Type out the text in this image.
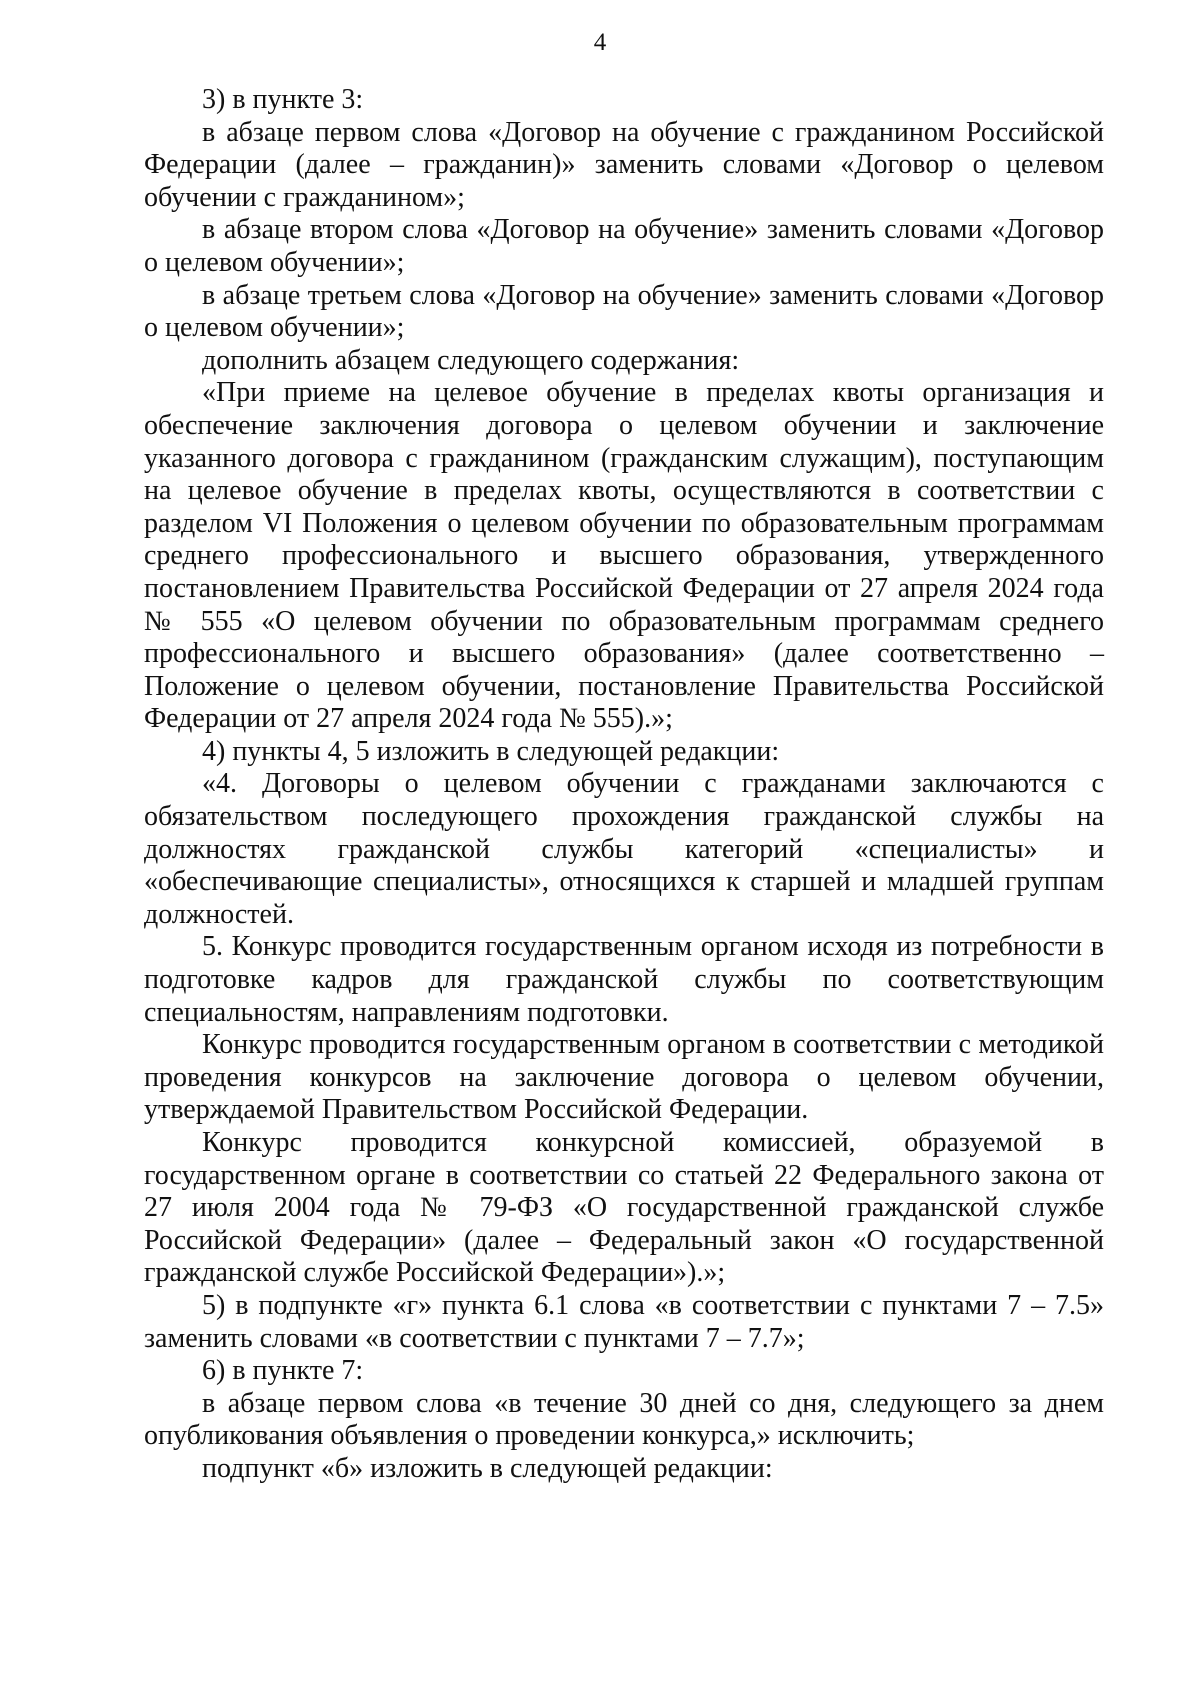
4

3) в пункте 3:

в абзаце первом слова «Договор на обучение с гражданином Российской Федерации (далее – гражданин)» заменить словами «Договор о целевом обучении с гражданином»;

в абзаце втором слова «Договор на обучение» заменить словами «Договор о целевом обучении»;

в абзаце третьем слова «Договор на обучение» заменить словами «Договор о целевом обучении»;

дополнить абзацем следующего содержания:

«При приеме на целевое обучение в пределах квоты организация и обеспечение заключения договора о целевом обучении и заключение указанного договора с гражданином (гражданским служащим), поступающим на целевое обучение в пределах квоты, осуществляются в соответствии с разделом VI Положения о целевом обучении по образовательным программам среднего профессионального и высшего образования, утвержденного постановлением Правительства Российской Федерации от 27 апреля 2024 года № 555 «О целевом обучении по образовательным программам среднего профессионального и высшего образования» (далее соответственно – Положение о целевом обучении, постановление Правительства Российской Федерации от 27 апреля 2024 года № 555).»;

4) пункты 4, 5 изложить в следующей редакции:

«4. Договоры о целевом обучении с гражданами заключаются с обязательством последующего прохождения гражданской службы на должностях гражданской службы категорий «специалисты» и «обеспечивающие специалисты», относящихся к старшей и младшей группам должностей.

5. Конкурс проводится государственным органом исходя из потребности в подготовке кадров для гражданской службы по соответствующим специальностям, направлениям подготовки.

Конкурс проводится государственным органом в соответствии с методикой проведения конкурсов на заключение договора о целевом обучении, утверждаемой Правительством Российской Федерации.

Конкурс проводится конкурсной комиссией, образуемой в государственном органе в соответствии со статьей 22 Федерального закона от 27 июля 2004 года № 79-ФЗ «О государственной гражданской службе Российской Федерации» (далее – Федеральный закон «О государственной гражданской службе Российской Федерации»).»;

5) в подпункте «г» пункта 6.1 слова «в соответствии с пунктами 7 – 7.5» заменить словами «в соответствии с пунктами 7 – 7.7»;

6) в пункте 7:

в абзаце первом слова «в течение 30 дней со дня, следующего за днем опубликования объявления о проведении конкурса,» исключить;

подпункт «б» изложить в следующей редакции:
